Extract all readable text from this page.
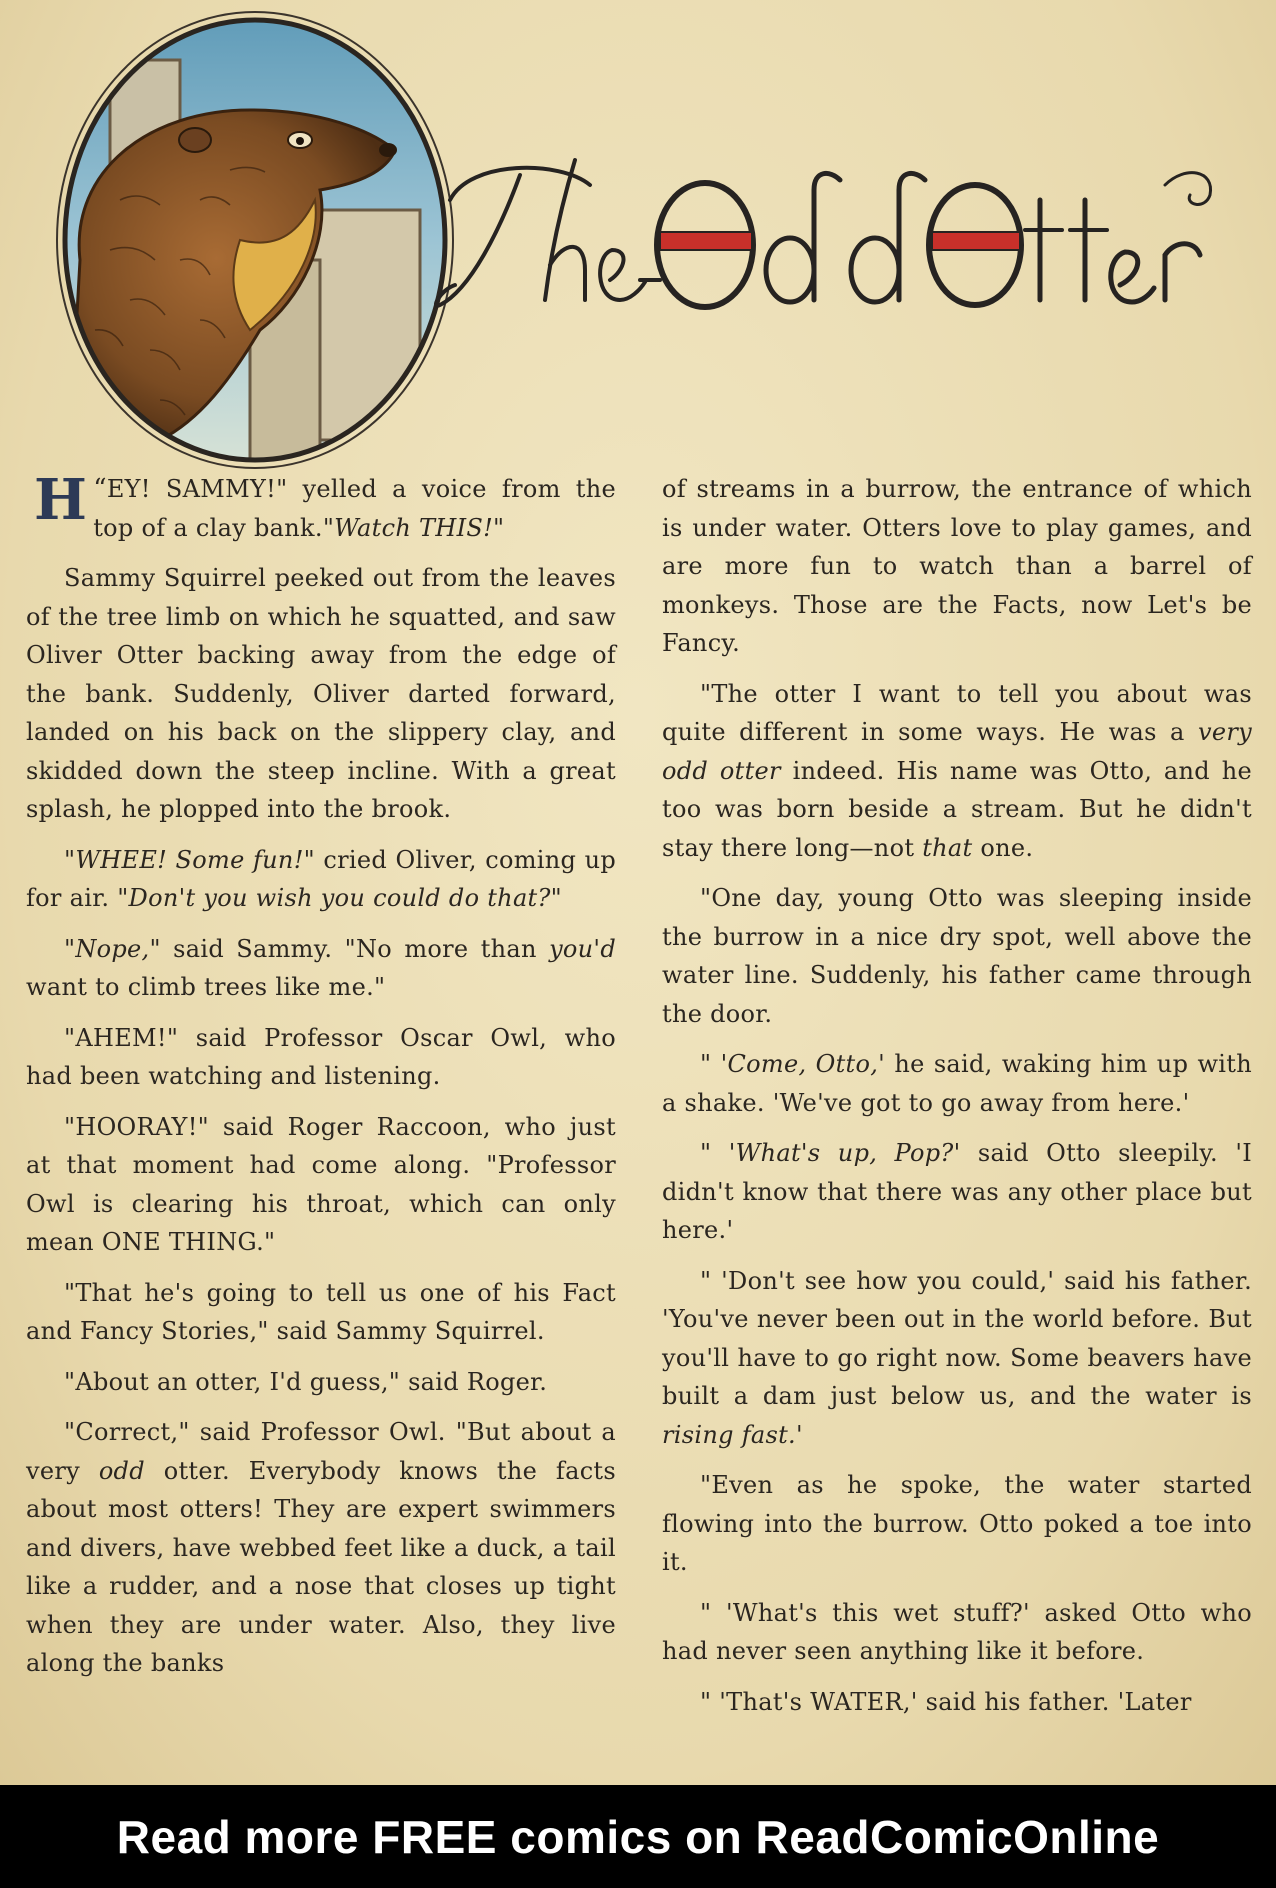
“
H EY! SAMMY!" yelled a voice from the top of a clay bank."Watch THIS!"

Sammy Squirrel peeked out from the leaves of the tree limb on which he squatted, and saw Oliver Otter backing away from the edge of the bank. Suddenly, Oliver darted forward, landed on his back on the slippery clay, and skidded down the steep incline. With a great splash, he plopped into the brook.

"WHEE! Some fun!" cried Oliver, coming up for air. "Don't you wish you could do that?"

"Nope," said Sammy. "No more than you'd want to climb trees like me."

"AHEM!" said Professor Oscar Owl, who had been watching and listening.

"HOORAY!" said Roger Raccoon, who just at that moment had come along. "Professor Owl is clearing his throat, which can only mean ONE THING."

"That he's going to tell us one of his Fact and Fancy Stories," said Sammy Squirrel.

"About an otter, I'd guess," said Roger.

"Correct," said Professor Owl. "But about a very odd otter. Everybody knows the facts about most otters! They are expert swimmers and divers, have webbed feet like a duck, a tail like a rudder, and a nose that closes up tight when they are under water. Also, they live along the banks

of streams in a burrow, the entrance of which is under water. Otters love to play games, and are more fun to watch than a barrel of monkeys. Those are the Facts, now Let's be Fancy.

"The otter I want to tell you about was quite different in some ways. He was a very odd otter indeed. His name was Otto, and he too was born beside a stream. But he didn't stay there long—not that one.

"One day, young Otto was sleeping inside the burrow in a nice dry spot, well above the water line. Suddenly, his father came through the door.

" 'Come, Otto,' he said, waking him up with a shake. 'We've got to go away from here.'

" 'What's up, Pop?' said Otto sleepily. 'I didn't know that there was any other place but here.'

" 'Don't see how you could,' said his father. 'You've never been out in the world before. But you'll have to go right now. Some beavers have built a dam just below us, and the water is rising fast.'

"Even as he spoke, the water started flowing into the burrow. Otto poked a toe into it.

" 'What's this wet stuff?' asked Otto who had never seen anything like it before.

" 'That's WATER,' said his father. 'Later

Read more FREE comics on ReadComicOnline
